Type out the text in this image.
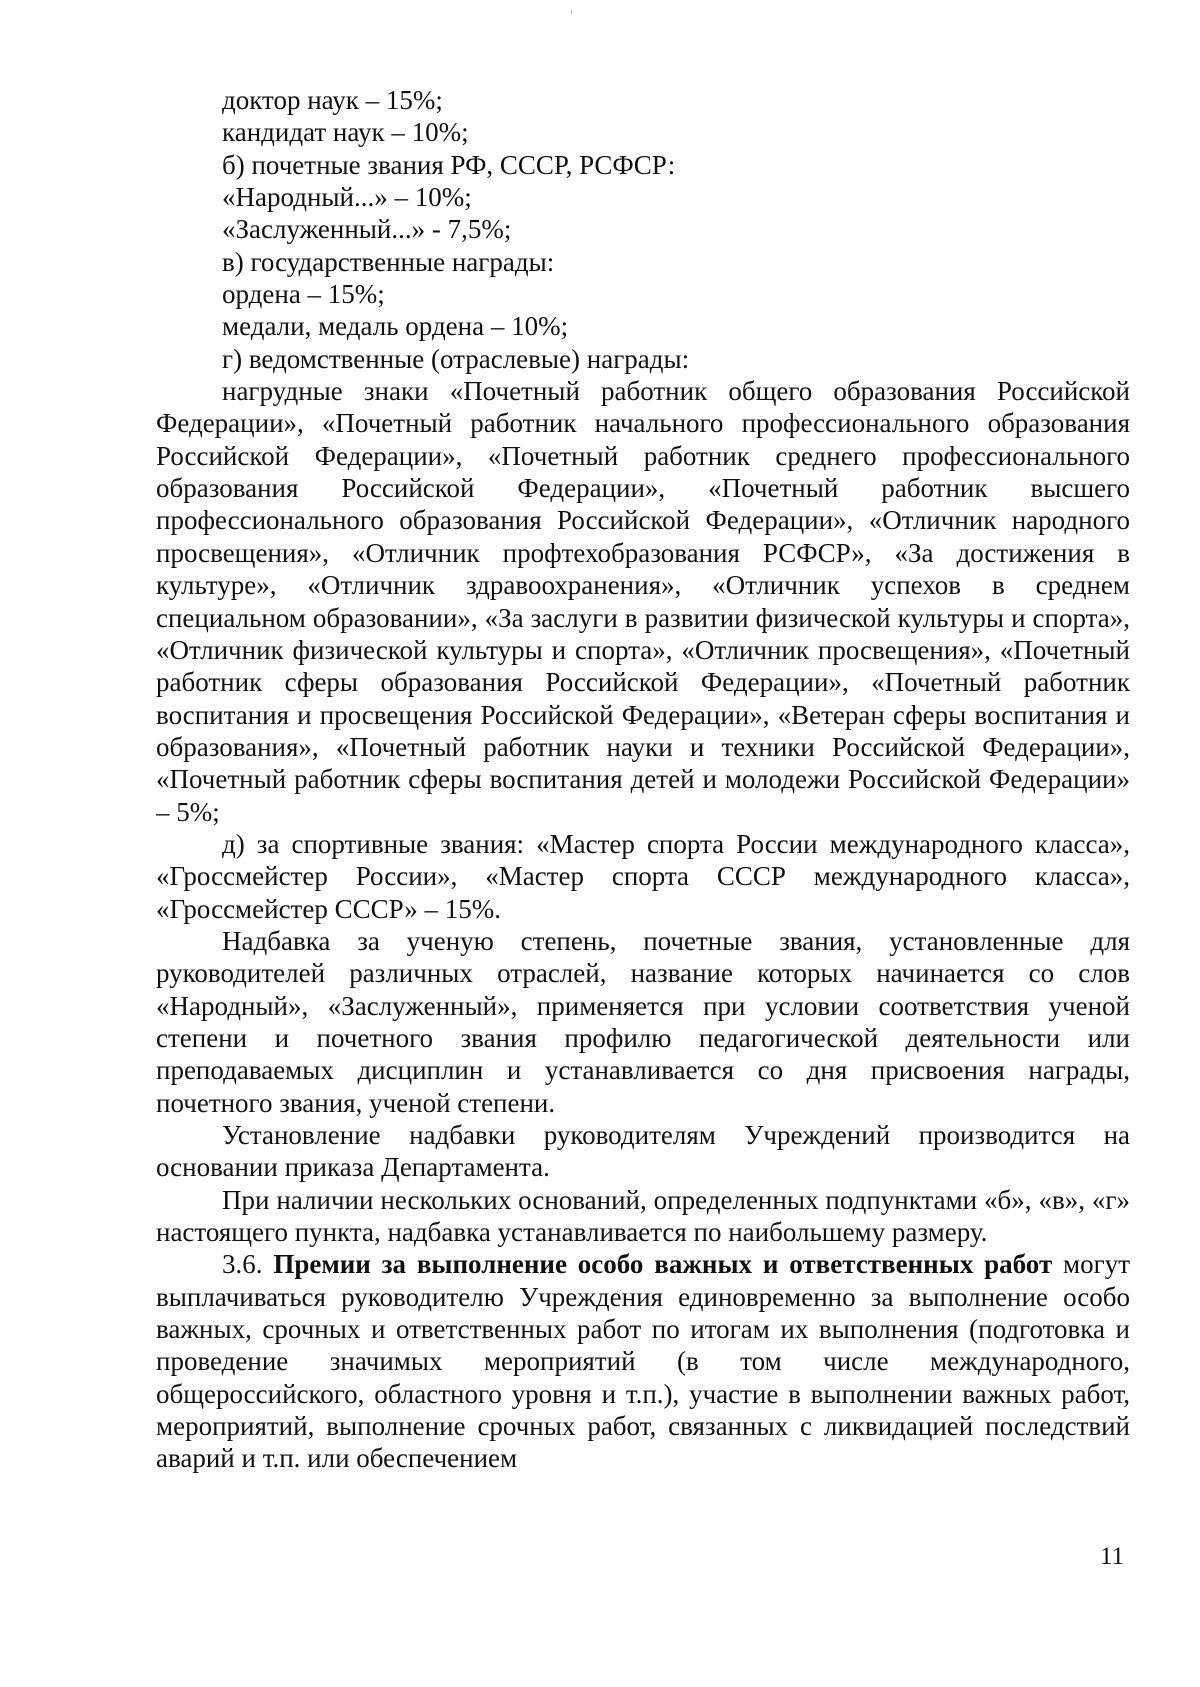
доктор наук – 15%;

кандидат наук – 10%;

б) почетные звания РФ, СССР, РСФСР:

«Народный...» – 10%;

«Заслуженный...» - 7,5%;

в) государственные награды:

ордена – 15%;

медали, медаль ордена – 10%;

г) ведомственные (отраслевые) награды:

нагрудные знаки «Почетный работник общего образования Российской Федерации», «Почетный работник начального профессионального образования Российской Федерации», «Почетный работник среднего профессионального образования Российской Федерации», «Почетный работник высшего профессионального образования Российской Федерации», «Отличник народного просвещения», «Отличник профтехобразования РСФСР», «За достижения в культуре», «Отличник здравоохранения», «Отличник успехов в среднем специальном образовании», «За заслуги в развитии физической культуры и спорта», «Отличник физической культуры и спорта», «Отличник просвещения», «Почетный работник сферы образования Российской Федерации», «Почетный работник воспитания и просвещения Российской Федерации», «Ветеран сферы воспитания и образования», «Почетный работник науки и техники Российской Федерации», «Почетный работник сферы воспитания детей и молодежи Российской Федерации» – 5%;

д) за спортивные звания: «Мастер спорта России международного класса», «Гроссмейстер России», «Мастер спорта СССР международного класса», «Гроссмейстер СССР» – 15%.

Надбавка за ученую степень, почетные звания, установленные для руководителей различных отраслей, название которых начинается со слов «Народный», «Заслуженный», применяется при условии соответствия ученой степени и почетного звания профилю педагогической деятельности или преподаваемых дисциплин и устанавливается со дня присвоения награды, почетного звания, ученой степени.

Установление надбавки руководителям Учреждений производится на основании приказа Департамента.

При наличии нескольких оснований, определенных подпунктами «б», «в», «г» настоящего пункта, надбавка устанавливается по наибольшему размеру.

3.6. Премии за выполнение особо важных и ответственных работ могут выплачиваться руководителю Учреждения единовременно за выполнение особо важных, срочных и ответственных работ по итогам их выполнения (подготовка и проведение значимых мероприятий (в том числе международного, общероссийского, областного уровня и т.п.), участие в выполнении важных работ, мероприятий, выполнение срочных работ, связанных с ликвидацией последствий аварий и т.п. или обеспечением

11
